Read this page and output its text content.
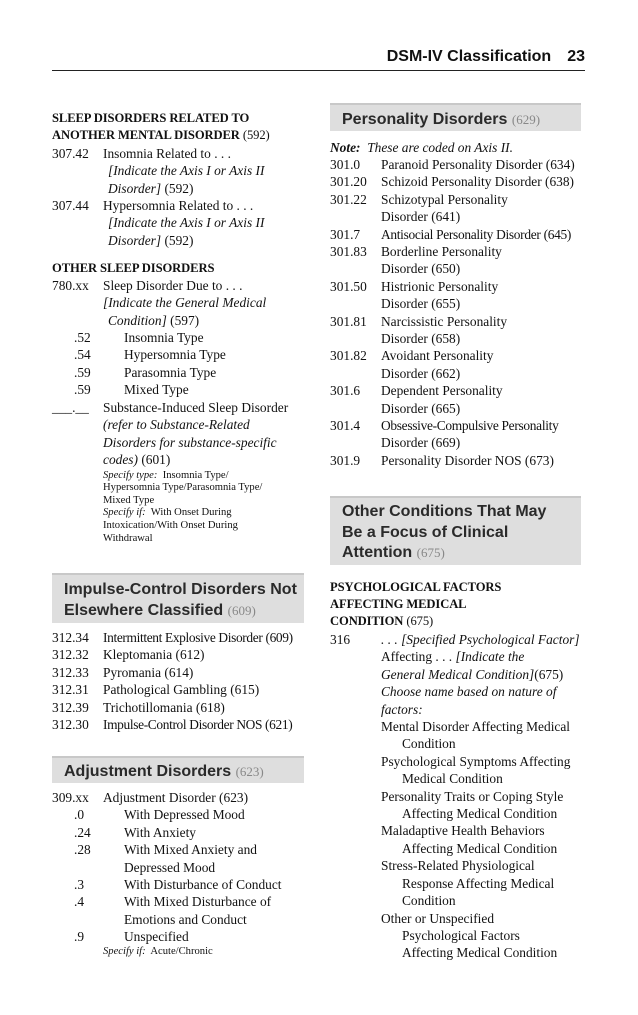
DSM-IV Classification 23
SLEEP DISORDERS RELATED TO
ANOTHER MENTAL DISORDER (592)
307.42 Insomnia Related to . . .
[Indicate the Axis I or Axis II
Disorder] (592)
307.44 Hypersomnia Related to . . .
[Indicate the Axis I or Axis II
Disorder] (592)
OTHER SLEEP DISORDERS
780.xx Sleep Disorder Due to . . .
[Indicate the General Medical
Condition] (597)
.52 Insomnia Type
.54 Hypersomnia Type
.59 Parasomnia Type
.59 Mixed Type
___.__ Substance-Induced Sleep Disorder
(refer to Substance-Related
Disorders for substance-specific
codes) (601)
Specify type: Insomnia Type/
Hypersomnia Type/Parasomnia Type/
Mixed Type
Specify if: With Onset During
Intoxication/With Onset During
Withdrawal
Impulse-Control Disorders Not
Elsewhere Classified (609)
312.34 Intermittent Explosive Disorder (609)
312.32 Kleptomania (612)
312.33 Pyromania (614)
312.31 Pathological Gambling (615)
312.39 Trichotillomania (618)
312.30 Impulse-Control Disorder NOS (621)
Adjustment Disorders (623)
309.xx Adjustment Disorder (623)
.0	With Depressed Mood
.24 With Anxiety
.28 With Mixed Anxiety and
Depressed Mood
.3	With Disturbance of Conduct
.4	With Mixed Disturbance of
Emotions and Conduct
.9	Unspecified
Specify if: Acute/Chronic
Personality Disorders (629)
Note: These are coded on Axis II.
301.0 Paranoid Personality Disorder (634)
301.20 Schizoid Personality Disorder (638)
301.22 Schizotypal Personality
Disorder (641)
301.7 Antisocial Personality Disorder (645)
301.83 Borderline Personality
Disorder (650)
301.50 Histrionic Personality
Disorder (655)
301.81 Narcissistic Personality
Disorder (658)
301.82 Avoidant Personality
Disorder (662)
301.6 Dependent Personality
Disorder (665)
301.4 Obsessive-Compulsive Personality
Disorder (669)
301.9 Personality Disorder NOS (673)
Other Conditions That May
Be a Focus of Clinical
Attention (675)
PSYCHOLOGICAL FACTORS
AFFECTING MEDICAL
CONDITION (675)
316 . . . [Specified Psychological Factor]
Affecting . . . [Indicate the
General Medical Condition](675)
Choose name based on nature of
factors:
Mental Disorder Affecting Medical
Condition
Psychological Symptoms Affecting
Medical Condition
Personality Traits or Coping Style
Affecting Medical Condition
Maladaptive Health Behaviors
Affecting Medical Condition
Stress-Related Physiological
Response Affecting Medical
Condition
Other or Unspecified
Psychological Factors
Affecting Medical Condition
